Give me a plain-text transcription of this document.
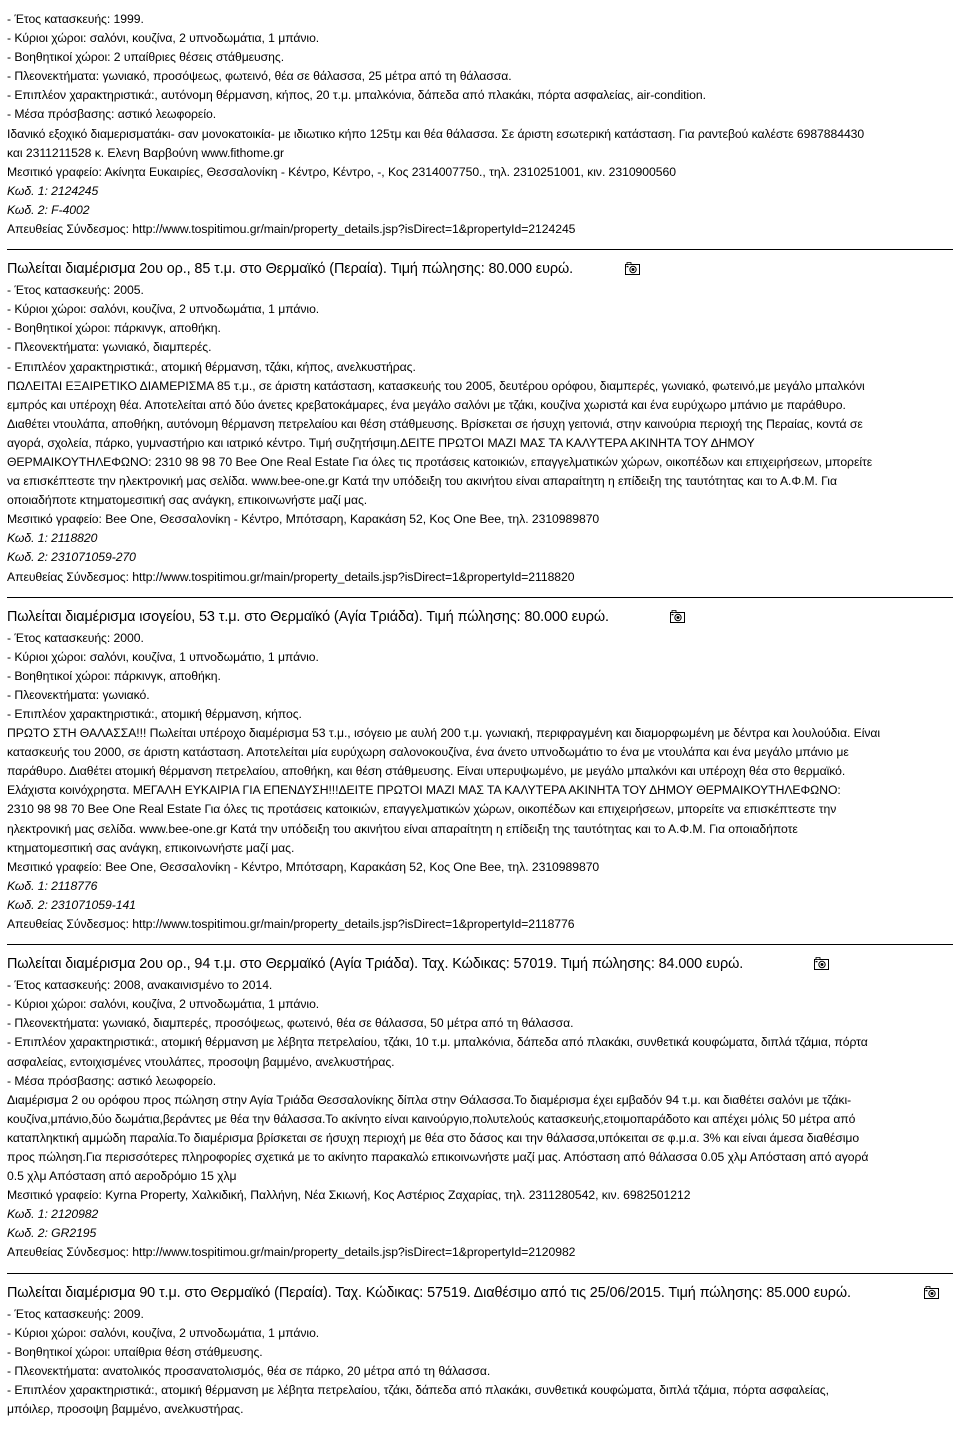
- Έτος κατασκευής: 1999.
- Κύριοι χώροι: σαλόνι, κουζίνα, 2 υπνοδωμάτια, 1 μπάνιο.
- Βοηθητικοί χώροι: 2 υπαίθριες θέσεις στάθμευσης.
- Πλεονεκτήματα: γωνιακό, προσόψεως, φωτεινό, θέα σε θάλασσα, 25 μέτρα από τη θάλασσα.
- Επιπλέον χαρακτηριστικά:, αυτόνομη θέρμανση, κήπος, 20 τ.μ. μπαλκόνια, δάπεδα από πλακάκι, πόρτα ασφαλείας, air-condition.
- Μέσα πρόσβασης: αστικό λεωφορείο.
Ιδανικό εξοχικό διαμερισματάκι- σαν μονοκατοικία- με ιδιωτικο κήπο 125τμ και θέα θάλασσα. Σε άριστη εσωτερική κατάσταση. Για ραντεβού καλέστε 6987884430
και 2311211528 κ. Ελενη Βαρβούνη www.fithome.gr
Μεσιτικό γραφείο: Ακίνητα Ευκαιρίες, Θεσσαλονίκη - Κέντρο, Κέντρο, -, Κος 2314007750., τηλ. 2310251001, κιν. 2310900560
Κωδ. 1: 2124245
Κωδ. 2: F-4002
Απευθείας Σύνδεσμος: http://www.tospitimou.gr/main/property_details.jsp?isDirect=1&propertyId=2124245
Πωλείται διαμέρισμα 2ου ορ., 85 τ.μ. στο Θερμαϊκό (Περαία). Τιμή πώλησης: 80.000 ευρώ.
- Έτος κατασκευής: 2005.
- Κύριοι χώροι: σαλόνι, κουζίνα, 2 υπνοδωμάτια, 1 μπάνιο.
- Βοηθητικοί χώροι: πάρκινγκ, αποθήκη.
- Πλεονεκτήματα: γωνιακό, διαμπερές.
- Επιπλέον χαρακτηριστικά:, ατομική θέρμανση, τζάκι, κήπος, ανελκυστήρας.
ΠΩΛΕΙΤΑΙ ΕΞΑΙΡΕΤΙΚΟ ΔΙΑΜΕΡΙΣΜΑ 85 τ.μ., σε άριστη κατάσταση, κατασκευής του 2005, δευτέρου ορόφου, διαμπερές, γωνιακό, φωτεινό,με μεγάλο μπαλκόνι
εμπρός και υπέροχη θέα. Αποτελείται από δύο άνετες κρεβατοκάμαρες, ένα μεγάλο σαλόνι με τζάκι, κουζίνα χωριστά και ένα ευρύχωρο μπάνιο με παράθυρο.
Διαθέτει ντουλάπα, αποθήκη, αυτόνομη θέρμανση πετρελαίου και θέση στάθμευσης. Βρίσκεται σε ήσυχη γειτονιά, στην καινούρια περιοχή της Περαίας, κοντά σε
αγορά, σχολεία, πάρκο, γυμναστήριο και ιατρικό κέντρο. Τιμή συζητήσιμη.ΔΕΙΤΕ ΠΡΩΤΟΙ ΜΑΖΙ ΜΑΣ ΤΑ ΚΑΛΥΤΕΡΑ ΑΚΙΝΗΤΑ ΤΟΥ ΔΗΜΟΥ
ΘΕΡΜΑΙΚΟΥΤΗΛΕΦΩΝΟ: 2310 98 98 70 Bee One Real Estate Για όλες τις προτάσεις κατοικιών, επαγγελματικών χώρων, οικοπέδων και επιχειρήσεων, μπορείτε
να επισκέπτεστε την ηλεκτρονική μας σελίδα. www.bee-one.gr Κατά την υπόδειξη του ακινήτου είναι απαραίτητη η επίδειξη της ταυτότητας και το Α.Φ.Μ. Για
οποιαδήποτε κτηματομεσιτική σας ανάγκη, επικοινωνήστε μαζί μας.
Μεσιτικό γραφείο: Bee One, Θεσσαλονίκη - Κέντρο, Μπότσαρη, Καρακάση 52, Κος One Bee, τηλ. 2310989870
Κωδ. 1: 2118820
Κωδ. 2: 231071059-270
Απευθείας Σύνδεσμος: http://www.tospitimou.gr/main/property_details.jsp?isDirect=1&propertyId=2118820
Πωλείται διαμέρισμα ισογείου, 53 τ.μ. στο Θερμαϊκό (Αγία Τριάδα). Τιμή πώλησης: 80.000 ευρώ.
- Έτος κατασκευής: 2000.
- Κύριοι χώροι: σαλόνι, κουζίνα, 1 υπνοδωμάτιο, 1 μπάνιο.
- Βοηθητικοί χώροι: πάρκινγκ, αποθήκη.
- Πλεονεκτήματα: γωνιακό.
- Επιπλέον χαρακτηριστικά:, ατομική θέρμανση, κήπος.
ΠΡΩΤΟ ΣΤΗ ΘΑΛΑΣΣΑ!!! Πωλείται υπέροχο διαμέρισμα 53 τ.μ., ισόγειο με αυλή 200 τ.μ. γωνιακή, περιφραγμένη και διαμορφωμένη με δέντρα και λουλούδια. Είναι
κατασκευής του 2000, σε άριστη κατάσταση. Αποτελείται μία ευρύχωρη σαλονοκουζίνα, ένα άνετο υπνοδωμάτιο το ένα με ντουλάπα και ένα μεγάλο μπάνιο με
παράθυρο. Διαθέτει ατομική θέρμανση πετρελαίου, αποθήκη, και θέση στάθμευσης. Είναι υπερυψωμένο, με μεγάλο μπαλκόνι και υπέροχη θέα στο θερμαϊκό.
Ελάχιστα κοινόχρηστα. ΜΕΓΑΛΗ ΕΥΚΑΙΡΙΑ ΓΙΑ ΕΠΕΝΔΥΣΗ!!!ΔΕΙΤΕ ΠΡΩΤΟΙ ΜΑΖΙ ΜΑΣ ΤΑ ΚΑΛΥΤΕΡΑ ΑΚΙΝΗΤΑ ΤΟΥ ΔΗΜΟΥ ΘΕΡΜΑΙΚΟΥΤΗΛΕΦΩΝΟ:
2310 98 98 70 Bee One Real Estate Για όλες τις προτάσεις κατοικιών, επαγγελματικών χώρων, οικοπέδων και επιχειρήσεων, μπορείτε να επισκέπτεστε την
ηλεκτρονική μας σελίδα. www.bee-one.gr Κατά την υπόδειξη του ακινήτου είναι απαραίτητη η επίδειξη της ταυτότητας και το Α.Φ.Μ. Για οποιαδήποτε
κτηματομεσιτική σας ανάγκη, επικοινωνήστε μαζί μας.
Μεσιτικό γραφείο: Bee One, Θεσσαλονίκη - Κέντρο, Μπότσαρη, Καρακάση 52, Κος One Bee, τηλ. 2310989870
Κωδ. 1: 2118776
Κωδ. 2: 231071059-141
Απευθείας Σύνδεσμος: http://www.tospitimou.gr/main/property_details.jsp?isDirect=1&propertyId=2118776
Πωλείται διαμέρισμα 2ου ορ., 94 τ.μ. στο Θερμαϊκό (Αγία Τριάδα). Ταχ. Κώδικας: 57019. Τιμή πώλησης: 84.000 ευρώ.
- Έτος κατασκευής: 2008, ανακαινισμένο το 2014.
- Κύριοι χώροι: σαλόνι, κουζίνα, 2 υπνοδωμάτια, 1 μπάνιο.
- Πλεονεκτήματα: γωνιακό, διαμπερές, προσόψεως, φωτεινό, θέα σε θάλασσα, 50 μέτρα από τη θάλασσα.
- Επιπλέον χαρακτηριστικά:, ατομική θέρμανση με λέβητα πετρελαίου, τζάκι, 10 τ.μ. μπαλκόνια, δάπεδα από πλακάκι, συνθετικά κουφώματα, διπλά τζάμια, πόρτα
ασφαλείας, εντοιχισμένες ντουλάπες, προσοψη βαμμένο, ανελκυστήρας.
- Μέσα πρόσβασης: αστικό λεωφορείο.
Διαμέρισμα 2 ου ορόφου προς πώληση στην Αγία Τριάδα Θεσσαλονίκης δίπλα στην Θάλασσα.Το διαμέρισμα έχει εμβαδόν 94 τ.μ. και διαθέτει σαλόνι με τζάκι-
κουζίνα,μπάνιο,δύο δωμάτια,βεράντες με θέα την θάλασσα.Το ακίνητο είναι καινούργιο,πολυτελούς κατασκευής,ετοιμοπαράδοτο και απέχει μόλις 50 μέτρα από
καταπληκτική αμμώδη παραλία.Το διαμέρισμα βρίσκεται σε ήσυχη περιοχή με θέα στο δάσος και την θάλασσα,υπόκειται σε φ.μ.α. 3% και είναι άμεσα διαθέσιμο
προς πώληση.Για περισσότερες πληροφορίες σχετικά με το ακίνητο παρακαλώ επικοινωνήστε μαζί μας. Απόσταση από θάλασσα 0.05 χλμ Απόσταση από αγορά
0.5 χλμ Απόσταση από αεροδρόμιο 15 χλμ
Μεσιτικό γραφείο: Kyrna Property, Χαλκιδική, Παλλήνη, Νέα Σκιωνή, Κος Αστέριος Ζαχαρίας, τηλ. 2311280542, κιν. 6982501212
Κωδ. 1: 2120982
Κωδ. 2: GR2195
Απευθείας Σύνδεσμος: http://www.tospitimou.gr/main/property_details.jsp?isDirect=1&propertyId=2120982
Πωλείται διαμέρισμα 90 τ.μ. στο Θερμαϊκό (Περαία). Ταχ. Κώδικας: 57519. Διαθέσιμο από τις 25/06/2015. Τιμή πώλησης: 85.000 ευρώ.
- Έτος κατασκευής: 2009.
- Κύριοι χώροι: σαλόνι, κουζίνα, 2 υπνοδωμάτια, 1 μπάνιο.
- Βοηθητικοί χώροι: υπαίθρια θέση στάθμευσης.
- Πλεονεκτήματα: ανατολικός προσανατολισμός, θέα σε πάρκο, 20 μέτρα από τη θάλασσα.
- Επιπλέον χαρακτηριστικά:, ατομική θέρμανση με λέβητα πετρελαίου, τζάκι, δάπεδα από πλακάκι, συνθετικά κουφώματα, διπλά τζάμια, πόρτα ασφαλείας,
μπόιλερ, προσοψη βαμμένο, ανελκυστήρας.
